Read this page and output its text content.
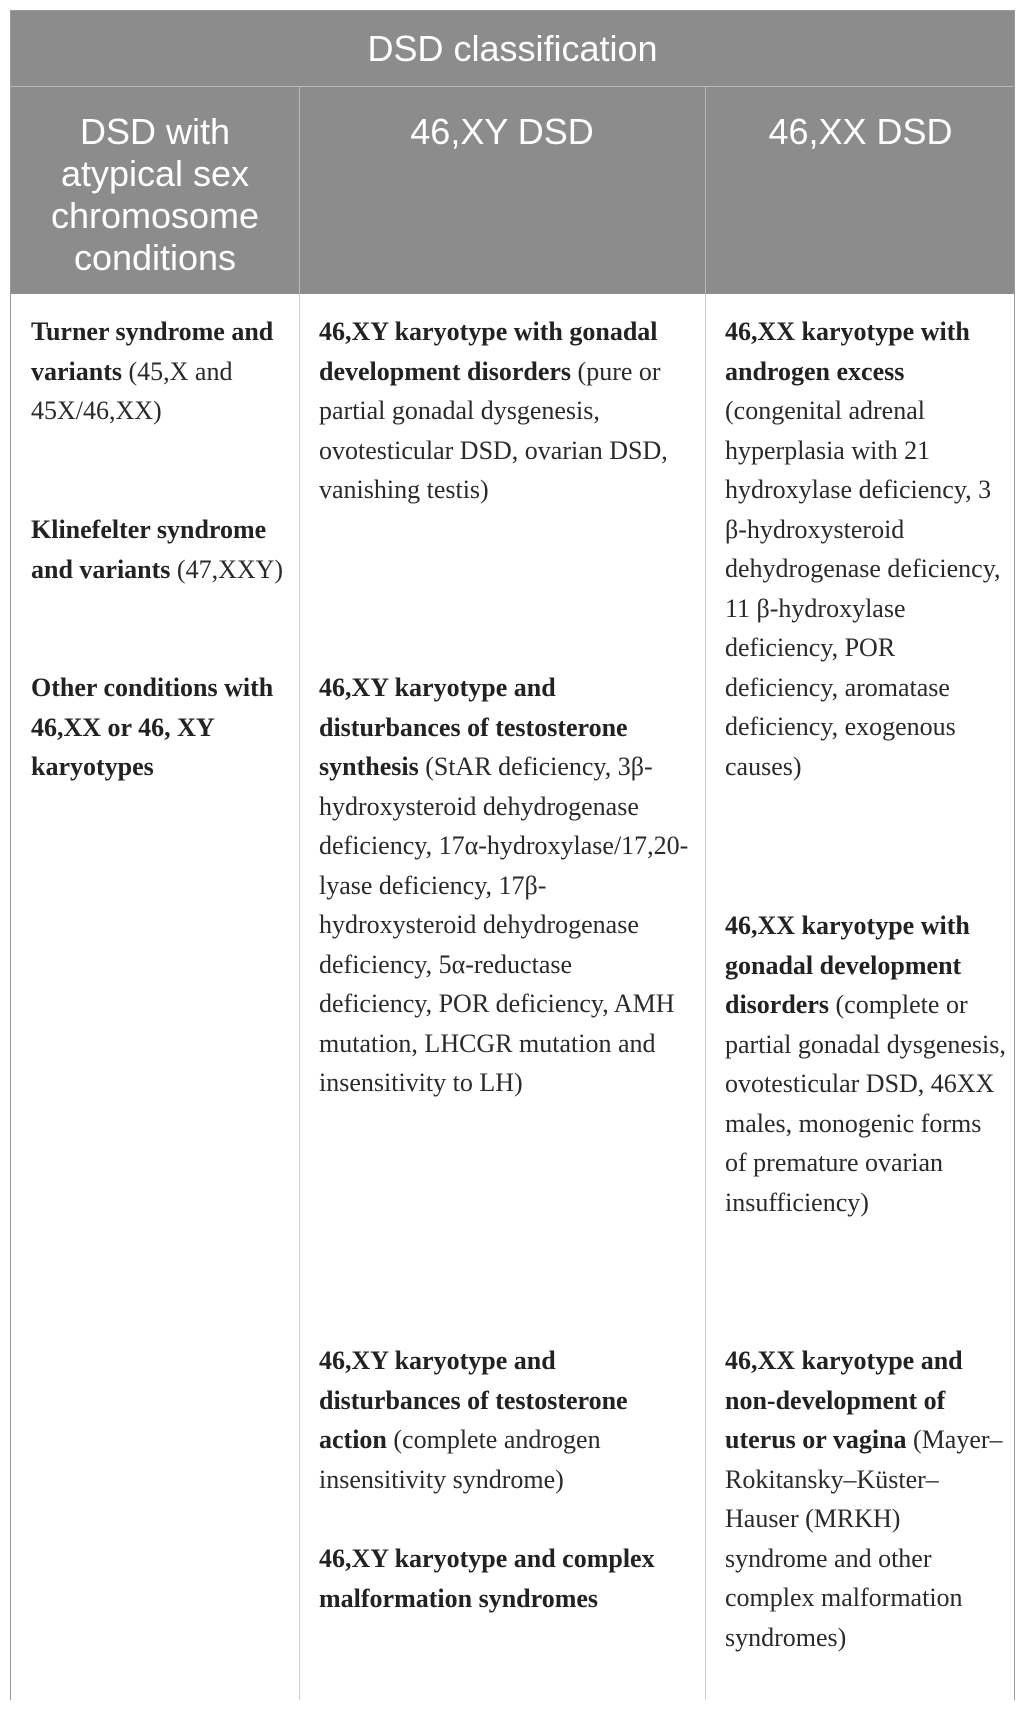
DSD classification
DSD with atypical sex chromosome conditions
46,XY DSD	46,XX DSD
Turner syndrome and variants (45,X and 45X/46,XX)
Klinefelter syndrome and variants (47,XXY)
Other conditions with 46,XX or 46, XY karyotypes
46,XY karyotype with gonadal development disorders (pure or partial gonadal dysgenesis, ovotesticular DSD, ovarian DSD, vanishing testis)
46,XY karyotype and disturbances of testosterone synthesis (StAR deficiency, 3β-hydroxysteroid dehydrogenase deficiency, 17α-hydroxylase/17,20-lyase deficiency, 17β-hydroxysteroid dehydrogenase deficiency, 5α-reductase deficiency, POR deficiency, AMH mutation, LHCGR mutation and insensitivity to LH)
46,XY karyotype and disturbances of testosterone action (complete androgen insensitivity syndrome)
46,XY karyotype and complex malformation syndromes
46,XX karyotype with androgen excess (congenital adrenal hyperplasia with 21 hydroxylase deficiency, 3 β-hydroxysteroid dehydrogenase deficiency, 11 β-hydroxylase deficiency, POR deficiency, aromatase deficiency, exogenous causes)
46,XX karyotype with gonadal development disorders (complete or partial gonadal dysgenesis, ovotesticular DSD, 46XX males, monogenic forms of premature ovarian insufficiency)
46,XX karyotype and non-development of uterus or vagina (Mayer–Rokitansky–Küster–Hauser (MRKH) syndrome and other complex malformation syndromes)
